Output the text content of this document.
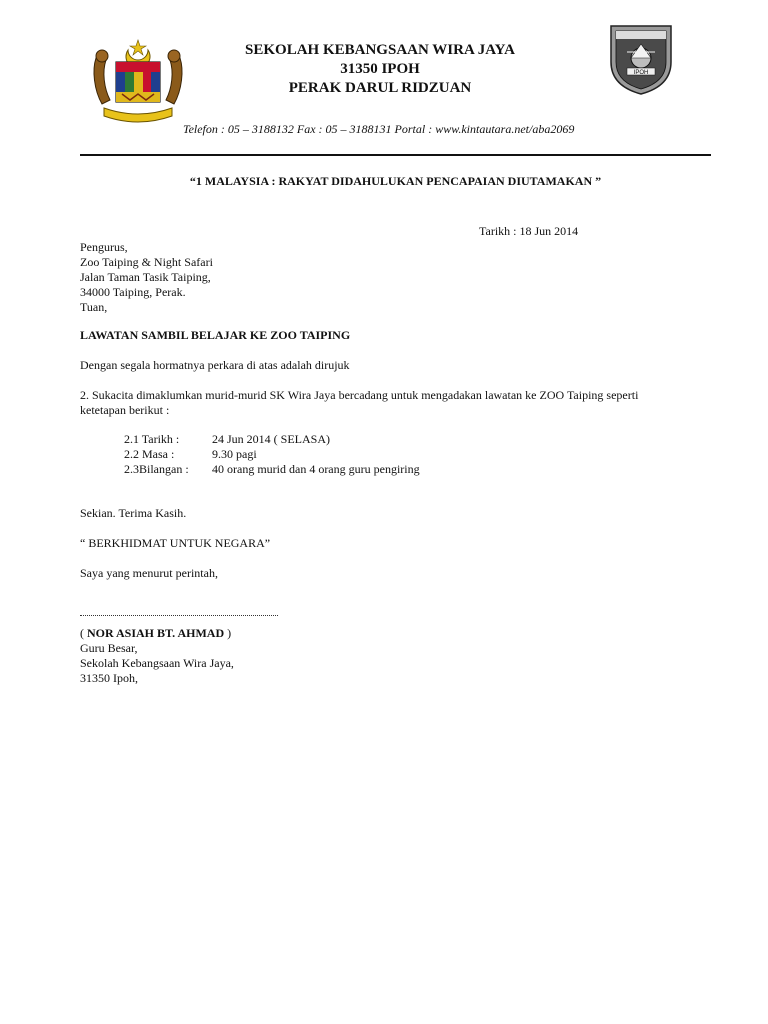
IPOH
SEKOLAH KEBANGSAAN WIRA JAYA
31350 IPOH
PERAK DARUL RIDZUAN
Telefon : 05 – 3188132 Fax : 05 – 3188131 Portal : www.kintautara.net/aba2069
“1 MALAYSIA : RAKYAT DIDAHULUKAN PENCAPAIAN DIUTAMAKAN ”
Tarikh : 18 Jun 2014
Pengurus,
Zoo Taiping & Night Safari
Jalan Taman Tasik Taiping,
34000 Taiping, Perak.
Tuan,
LAWATAN SAMBIL BELAJAR KE ZOO TAIPING
Dengan segala hormatnya perkara di atas adalah dirujuk
2. Sukacita dimaklumkan murid-murid SK Wira Jaya bercadang untuk mengadakan lawatan ke ZOO Taiping seperti
ketetapan berikut :
2.1 Tarikh :	24 Jun 2014 ( SELASA)
2.2 Masa :	9.30 pagi
2.3Bilangan : 40 orang murid dan 4 orang guru pengiring
Sekian. Terima Kasih.
“ BERKHIDMAT UNTUK NEGARA”
Saya yang menurut perintah,
( NOR ASIAH BT. AHMAD )
Guru Besar,
Sekolah Kebangsaan Wira Jaya,
31350 Ipoh,
